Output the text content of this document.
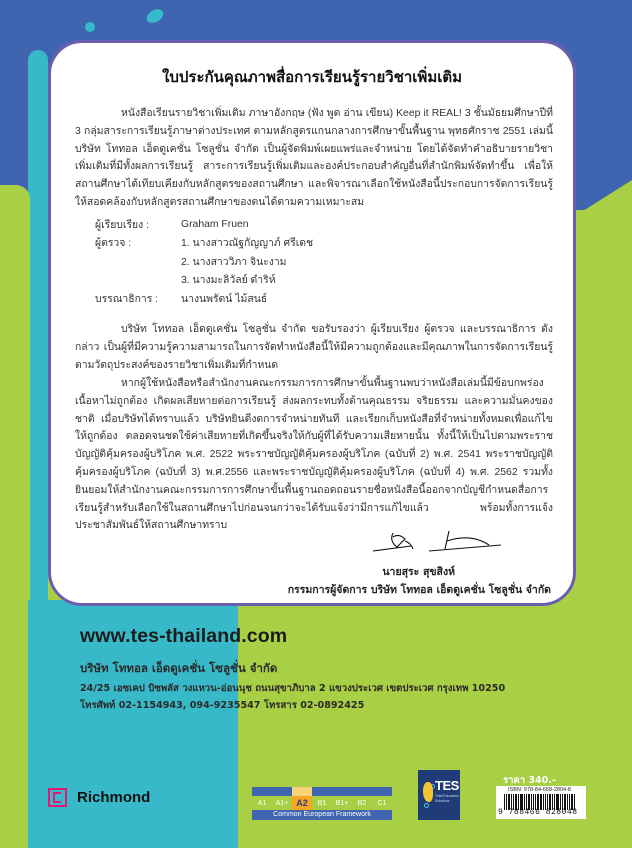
ใบประกันคุณภาพสื่อการเรียนรู้รายวิชาเพิ่มเติม

หนังสือเรียนรายวิชาเพิ่มเติม ภาษาอังกฤษ (ฟัง พูด อ่าน เขียน) Keep it REAL! 3 ชั้นมัธยมศึกษาปีที่ 3 กลุ่มสาระการเรียนรู้ภาษาต่างประเทศ ตามหลักสูตรแกนกลางการศึกษาขั้นพื้นฐาน พุทธศักราช 2551 เล่มนี้ บริษัท โททอล เอ็ดดูเคชั่น โซลูชั่น จำกัด เป็นผู้จัดพิมพ์เผยแพร่และจำหน่าย โดยได้จัดทำคำอธิบายรายวิชาเพิ่มเติมที่มีทั้งผลการเรียนรู้ สาระการเรียนรู้เพิ่มเติมและองค์ประกอบสำคัญอื่นที่สำนักพิมพ์จัดทำขึ้น เพื่อให้สถานศึกษาได้เทียบเคียงกับหลักสูตรของสถานศึกษา และพิจารณาเลือกใช้หนังสือนี้ประกอบการจัดการเรียนรู้ ให้สอดคล้องกับหลักสูตรสถานศึกษาของตนได้ตามความเหมาะสม

ผู้เรียบเรียง :	Graham Fruen
ผู้ตรวจ :	1. นางสาวณัฐกัญญาภ์ ศรีเดช
2. นางสาววิภา จินะงาม
3. นางมะลิวัลย์ ดำริห์
บรรณาธิการ :	นางนพรัตน์ ไม้สนธ์

บริษัท โททอล เอ็ดดูเคชั่น โซลูชั่น จำกัด ขอรับรองว่า ผู้เรียบเรียง ผู้ตรวจ และบรรณาธิการ ดังกล่าว เป็นผู้ที่มีความรู้ความสามารถในการจัดทำหนังสือนี้ให้มีความถูกต้องและมีคุณภาพในการจัดการเรียนรู้ตามวัตถุประสงค์ของรายวิชาเพิ่มเติมที่กำหนด

หากผู้ใช้หนังสือหรือสำนักงานคณะกรรมการการศึกษาขั้นพื้นฐานพบว่าหนังสือเล่มนี้มีข้อบกพร่อง เนื้อหาไม่ถูกต้อง เกิดผลเสียหายต่อการเรียนรู้ ส่งผลกระทบทั้งด้านคุณธรรม จริยธรรม และความมั่นคงของชาติ เมื่อบริษัทได้ทราบแล้ว บริษัทยินดีงดการจำหน่ายทันที และเรียกเก็บหนังสือที่จำหน่ายทั้งหมดเพื่อแก้ไขให้ถูกต้อง ตลอดจนชดใช้ค่าเสียหายที่เกิดขึ้นจริงให้กับผู้ที่ได้รับความเสียหายนั้น ทั้งนี้ให้เป็นไปตามพระราชบัญญัติคุ้มครองผู้บริโภค พ.ศ. 2522 พระราชบัญญัติคุ้มครองผู้บริโภค (ฉบับที่ 2) พ.ศ. 2541 พระราชบัญญัติคุ้มครองผู้บริโภค (ฉบับที่ 3) พ.ศ.2556 และพระราชบัญญัติคุ้มครองผู้บริโภค (ฉบับที่ 4) พ.ศ. 2562 รวมทั้งยินยอมให้สำนักงานคณะกรรมการการศึกษาขั้นพื้นฐานถอดถอนรายชื่อหนังสือนี้ออกจากบัญชีกำหนดสื่อการเรียนรู้สำหรับเลือกใช้ในสถานศึกษาไปก่อนจนกว่าจะได้รับแจ้งว่ามีการแก้ไขแล้ว พร้อมทั้งการแจ้งประชาสัมพันธ์ให้สถานศึกษาทราบ

นายสุระ สุขสิงห์
กรรมการผู้จัดการ บริษัท โททอล เอ็ดดูเคชั่น โซลูชั่น จำกัด
www.tes-thailand.com
บริษัท โททอล เอ็ดดูเคชั่น โซลูชั่น จำกัด
24/25 เอซเคป บิซพลัส วงแหวน-อ่อนนุช ถนนสุขาภิบาล 2 แขวงประเวศ เขตประเวศ กรุงเทพ 10250
โทรศัพท์ 02-1154943, 094-9235547 โทรสาร 02-0892425
Richmond	A1	A1+ A2	B1	B1+	B2	C1
Common European Framework
TES
Total Education Solutions
ราคา 340.-
ISBN: 978-84-668-2804-8
9 788466 828048
